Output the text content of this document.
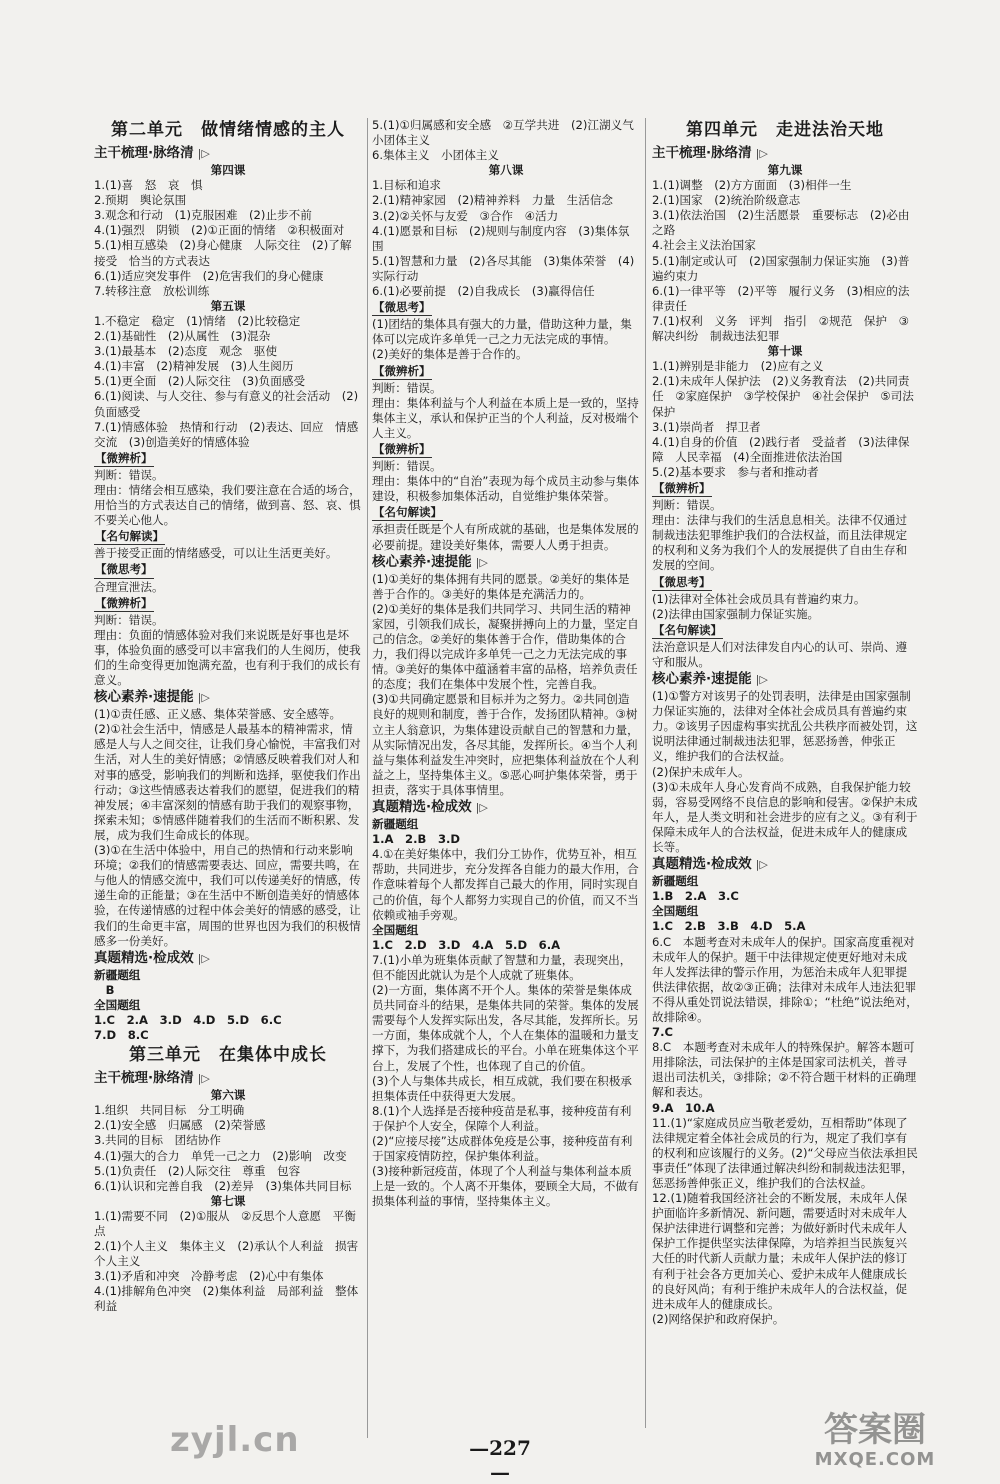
第二单元　做情绪情感的主人
主干梳理·脉络清 |▷
第四课
1.(1)喜　怒　哀　惧
2.预期　舆论氛围
3.观念和行动　(1)克服困难　(2)止步不前
4.(1)强烈　阴锁　(2)①正面的情绪　②积极面对
5.(1)相互感染　(2)身心健康　人际交往　(2)了解　接受　恰当的方式表达
6.(1)适应突发事件　(2)危害我们的身心健康
7.转移注意　放松训练
第五课
1.不稳定　稳定　(1)情绪　(2)比较稳定
2.(1)基础性　(2)从属性　(3)混杂
3.(1)最基本　(2)态度　观念　驱使
4.(1)丰富　(2)精神发展　(3)人生阅历
5.(1)更全面　(2)人际交往　(3)负面感受
6.(1)阅读、与人交往、参与有意义的社会活动　(2)负面感受
7.(1)情感体验　热情和行动　(2)表达、回应　情感交流　(3)创造美好的情感体验
【微辨析】
判断：错误。
理由：情绪会相互感染，我们要注意在合适的场合，用恰当的方式表达自己的情绪，做到喜、怒、哀、惧不要关心他人。
【名句解读】
善于接受正面的情绪感受，可以让生活更美好。
【微思考】
合理宣泄法。
【微辨析】
判断：错误。
理由：负面的情感体验对我们来说既是好事也是坏事，体验负面的感受可以丰富我们的人生阅历，使我们的生命变得更加饱满充盈，也有利于我们的成长有意义。
核心素养·速提能 |▷
(1)①责任感、正义感、集体荣誉感、安全感等。
(2)①社会生活中，情感是人最基本的精神需求，情感是人与人之间交往，让我们身心愉悦，丰富我们对生活，对人生的美好情感；②情感反映着我们对人和对事的感受，影响我们的判断和选择，驱使我们作出行动；③这些情感表达着我们的愿望，促进我们的精神发展；④丰富深刻的情感有助于我们的观察事物，探索未知；⑤情感伴随着我们的生活而不断积累、发展，成为我们生命成长的体现。
(3)①在生活中体验中，用自己的热情和行动来影响环境；②我们的情感需要表达、回应，需要共鸣，在与他人的情感交流中，我们可以传递美好的情感，传递生命的正能量；③在生活中不断创造美好的情感体验，在传递情感的过程中体会美好的情感的感受，让我们的生命更丰富，周围的世界也因为我们的积极情感多一份美好。
真题精选·检成效 |▷
新疆题组
　B
全国题组
1.C　2.A　3.D　4.D　5.D　6.C
7.D　8.C
第三单元　在集体中成长
主干梳理·脉络清 |▷
第六课
1.组织　共同目标　分工明确
2.(1)安全感　归属感　(2)荣誉感
3.共同的目标　团结协作
4.(1)强大的合力　单凭一己之力　(2)影响　改变
5.(1)负责任　(2)人际交往　尊重　包容
6.(1)认识和完善自我　(2)差异　(3)集体共同目标
第七课
1.(1)需要不同　(2)①服从　②反思个人意愿　平衡点
2.(1)个人主义　集体主义　(2)承认个人利益　损害个人主义
3.(1)矛盾和冲突　冷静考虑　(2)心中有集体
4.(1)排解角色冲突　(2)集体利益　局部利益　整体利益
5.(1)①归属感和安全感　②互学共进　(2)江湖义气　小团体主义
6.集体主义　小团体主义
第八课
1.目标和追求
2.(1)精神家园　(2)精神养料　力量　生活信念
3.(2)②关怀与友爱　③合作　④活力
4.(1)愿景和目标　(2)规则与制度内容　(3)集体氛围
5.(1)智慧和力量　(2)各尽其能　(3)集体荣誉　(4)实际行动
6.(1)必要前提　(2)自我成长　(3)赢得信任
【微思考】
(1)团结的集体具有强大的力量，借助这种力量，集体可以完成许多单凭一己之力无法完成的事情。
(2)美好的集体是善于合作的。
【微辨析】
判断：错误。
理由：集体利益与个人利益在本质上是一致的，坚持集体主义，承认和保护正当的个人利益，反对极端个人主义。
【微辨析】
判断：错误。
理由：集体中的“自治”表现为每个成员主动参与集体建设，积极参加集体活动，自觉维护集体荣誉。
【名句解读】
承担责任既是个人有所成就的基础，也是集体发展的必要前提。建设美好集体，需要人人勇于担责。
核心素养·速提能 |▷
(1)①美好的集体拥有共同的愿景。②美好的集体是善于合作的。③美好的集体是充满活力的。
(2)①美好的集体是我们共同学习、共同生活的精神家园，引领我们成长，凝聚拼搏向上的力量，坚定自己的信念。②美好的集体善于合作，借助集体的合力，我们得以完成许多单凭一己之力无法完成的事情。③美好的集体中蕴涵着丰富的品格，培养负责任的态度；我们在集体中发展个性，完善自我。
(3)①共同确定愿景和目标并为之努力。②共同创造良好的规则和制度，善于合作，发扬团队精神。③树立主人翁意识，为集体建设贡献自己的智慧和力量，从实际情况出发，各尽其能，发挥所长。④当个人利益与集体利益发生冲突时，应把集体利益放在个人利益之上，坚持集体主义。⑤恶心呵护集体荣誉，勇于担责，落实于具体事情里。
真题精选·检成效 |▷
新疆题组
1.A　2.B　3.D
4.①在美好集体中，我们分工协作，优势互补，相互帮助，共同进步，充分发挥各自能力的最大作用，合作意味着每个人都发挥自己最大的作用，同时实现自己的价值，每个人都努力实现自己的价值，而又不当依赖或袖手旁观。
全国题组
1.C　2.D　3.D　4.A　5.D　6.A
7.(1)小单为班集体贡献了智慧和力量，表现突出，但不能因此就认为是个人成就了班集体。
(2)一方面，集体离不开个人。集体的荣誉是集体成员共同奋斗的结果，是集体共同的荣誉。集体的发展需要每个人发挥实际出发，各尽其能，发挥所长。另一方面，集体成就个人，个人在集体的温暖和力量支撑下，为我们搭建成长的平台。小单在班集体这个平台上，发展了个性，也体现了自己的价值。
(3)个人与集体共成长，相互成就，我们要在积极承担集体责任中获得更大发展。
8.(1)个人选择是否接种疫苗是私事，接种疫苗有利于保护个人安全，保障个人利益。
(2)“应接尽接”达成群体免疫是公事，接种疫苗有利于国家疫情防控，保护集体利益。
(3)接种新冠疫苗，体现了个人利益与集体利益本质上是一致的。个人离不开集体，要顾全大局，不做有损集体利益的事情，坚持集体主义。
第四单元　走进法治天地
主干梳理·脉络清 |▷
第九课
1.(1)调整　(2)方方面面　(3)相伴一生
2.(1)国家　(2)统治阶级意志
3.(1)依法治国　(2)生活愿景　重要标志　(2)必由之路
4.社会主义法治国家
5.(1)制定或认可　(2)国家强制力保证实施　(3)普遍约束力
6.(1)一律平等　(2)平等　履行义务　(3)相应的法律责任
7.(1)权利　义务　评判　指引　②规范　保护　③解决纠纷　制裁违法犯罪
第十课
1.(1)辨别是非能力　(2)应有之义
2.(1)未成年人保护法　(2)义务教育法　(2)共同责任　②家庭保护　③学校保护　④社会保护　⑤司法保护
3.(1)崇尚者　捍卫者
4.(1)自身的价值　(2)践行者　受益者　(3)法律保障　人民幸福　(4)全面推进依法治国
5.(2)基本要求　参与者和推动者
【微辨析】
判断：错误。
理由：法律与我们的生活息息相关。法律不仅通过制裁违法犯罪维护我们的合法权益，而且法律规定的权利和义务为我们个人的发展提供了自由生存和发展的空间。
【微思考】
(1)法律对全体社会成员具有普遍约束力。
(2)法律由国家强制力保证实施。
【名句解读】
法治意识是人们对法律发自内心的认可、崇尚、遵守和服从。
核心素养·速提能 |▷
(1)①警方对该男子的处罚表明，法律是由国家强制力保证实施的，法律对全体社会成员具有普遍约束力。②该男子因虚构事实扰乱公共秩序而被处罚，这说明法律通过制裁违法犯罪，惩恶扬善，伸张正义，维护我们的合法权益。
(2)保护未成年人。
(3)①未成年人身心发育尚不成熟，自我保护能力较弱，容易受网络不良信息的影响和侵害。②保护未成年人，是人类文明和社会进步的应有之义。③有利于保障未成年人的合法权益，促进未成年人的健康成长等。
真题精选·检成效 |▷
新疆题组
1.B　2.A　3.C
全国题组
1.C　2.B　3.B　4.D　5.A
6.C　本题考查对未成年人的保护。国家高度重视对未成年人的保护。题干中法律规定使更好地对未成年人发挥法律的警示作用，为惩治未成年人犯罪提供法律依据，故②③正确；法律对未成年人违法犯罪不得从重处罚说法错误，排除①；“杜绝”说法绝对，故排除④。
7.C
8.C　本题考查对未成年人的特殊保护。解答本题可用排除法，司法保护的主体是国家司法机关，普寻退出司法机关，③排除；②不符合题干材料的正确理解和表达。
9.A　10.A
11.(1)“家庭成员应当敬老爱幼，互相帮助”体现了法律规定着全体社会成员的行为，规定了我们享有的权利和应该履行的义务。(2)“父母应当依法承担民事责任”体现了法律通过解决纠纷和制裁违法犯罪，惩恶扬善伸张正义，维护我们的合法权益。
12.(1)随着我国经济社会的不断发展，未成年人保护面临许多新情况、新问题，需要适时对未成年人保护法律进行调整和完善；为做好新时代未成年人保护工作提供坚实法律保障，为培养担当民族复兴大任的时代新人贡献力量；未成年人保护法的修订有利于社会各方更加关心、爱护未成年人健康成长的良好风尚；有利于维护未成年人的合法权益，促进未成年人的健康成长。
(2)网络保护和政府保护。
zyjl.cn	—227—
答案圈
MXQE.COM
